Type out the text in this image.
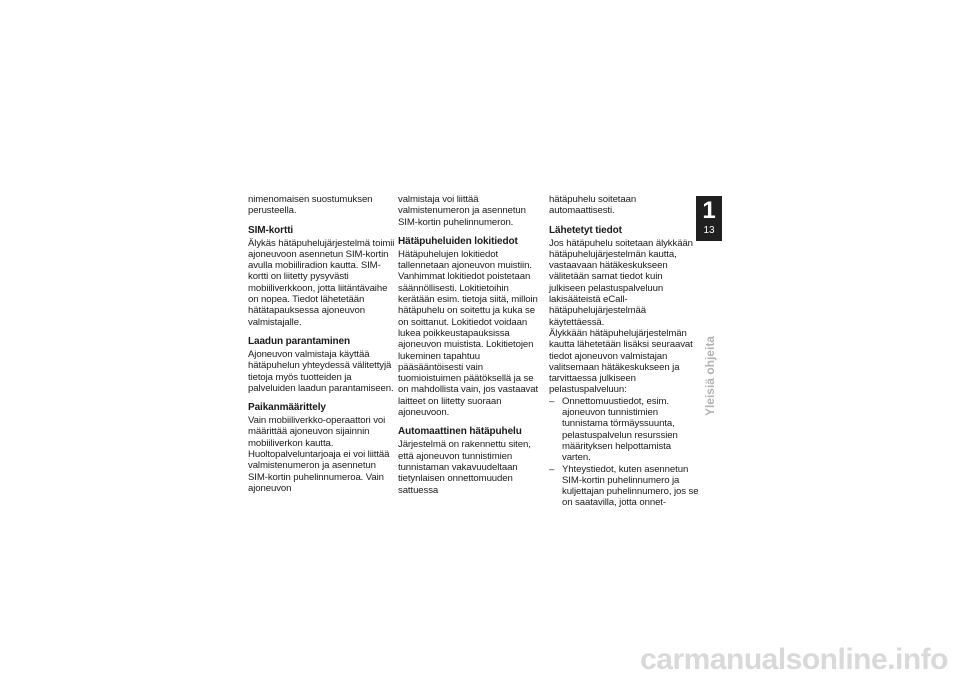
nimenomaisen suostumuksen perusteella.

SIM-kortti

Älykäs hätäpuhelujärjestelmä toimii ajoneuvoon asennetun SIM-kortin avulla mobiiliradion kautta. SIM-kortti on liitetty pysyvästi mobiiliverkkoon, jotta liitäntävaihe on nopea. Tiedot lähetetään hätätapauksessa ajoneuvon valmistajalle.

Laadun parantaminen

Ajoneuvon valmistaja käyttää hätäpuhelun yhteydessä välitettyjä tietoja myös tuotteiden ja palveluiden laadun parantamiseen.

Paikanmäärittely

Vain mobiiliverkko-operaattori voi määrittää ajoneuvon sijainnin mobiiliverkon kautta. Huoltopalveluntarjoaja ei voi liittää valmistenumeron ja asennetun SIM-kortin puhelinnumeroa. Vain ajoneuvon

valmistaja voi liittää valmistenumeron ja asennetun SIM-kortin puhelinnumeron.

Hätäpuheluiden lokitiedot

Hätäpuhelujen lokitiedot tallennetaan ajoneuvon muistiin. Vanhimmat lokitiedot poistetaan säännöllisesti. Lokitietoihin kerätään esim. tietoja siitä, milloin hätäpuhelu on soitettu ja kuka se on soittanut. Lokitiedot voidaan lukea poikkeustapauksissa ajoneuvon muistista. Lokitietojen lukeminen tapahtuu pääsääntöisesti vain tuomioistuimen päätöksellä ja se on mahdollista vain, jos vastaavat laitteet on liitetty suoraan ajoneuvoon.

Automaattinen hätäpuhelu

Järjestelmä on rakennettu siten, että ajoneuvon tunnistimien tunnistaman vakavuudeltaan tietynlaisen onnettomuuden sattuessa

hätäpuhelu soitetaan automaattisesti.

Lähetetyt tiedot

Jos hätäpuhelu soitetaan älykkään hätäpuhelujärjestelmän kautta, vastaavaan hätäkeskukseen välitetään samat tiedot kuin julkiseen pelastuspalveluun lakisääteistä eCall-hätäpuhelujärjestelmää käytettäessä.

Älykkään hätäpuhelujärjestelmän kautta lähetetään lisäksi seuraavat tiedot ajoneuvon valmistajan valitsemaan hätäkeskukseen ja tarvittaessa julkiseen pelastuspalveluun:

– Onnettomuustiedot, esim. ajoneuvon tunnistimien tunnistama törmäyssuunta, pelastuspalvelun resurssien määrityksen helpottamista varten.
– Yhteystiedot, kuten asennetun SIM-kortin puhelinnumero ja kuljettajan puhelinnumero, jos se on saatavilla, jotta onnet-
1
13
Yleisiä ohjeita
carmanualsonline.info
